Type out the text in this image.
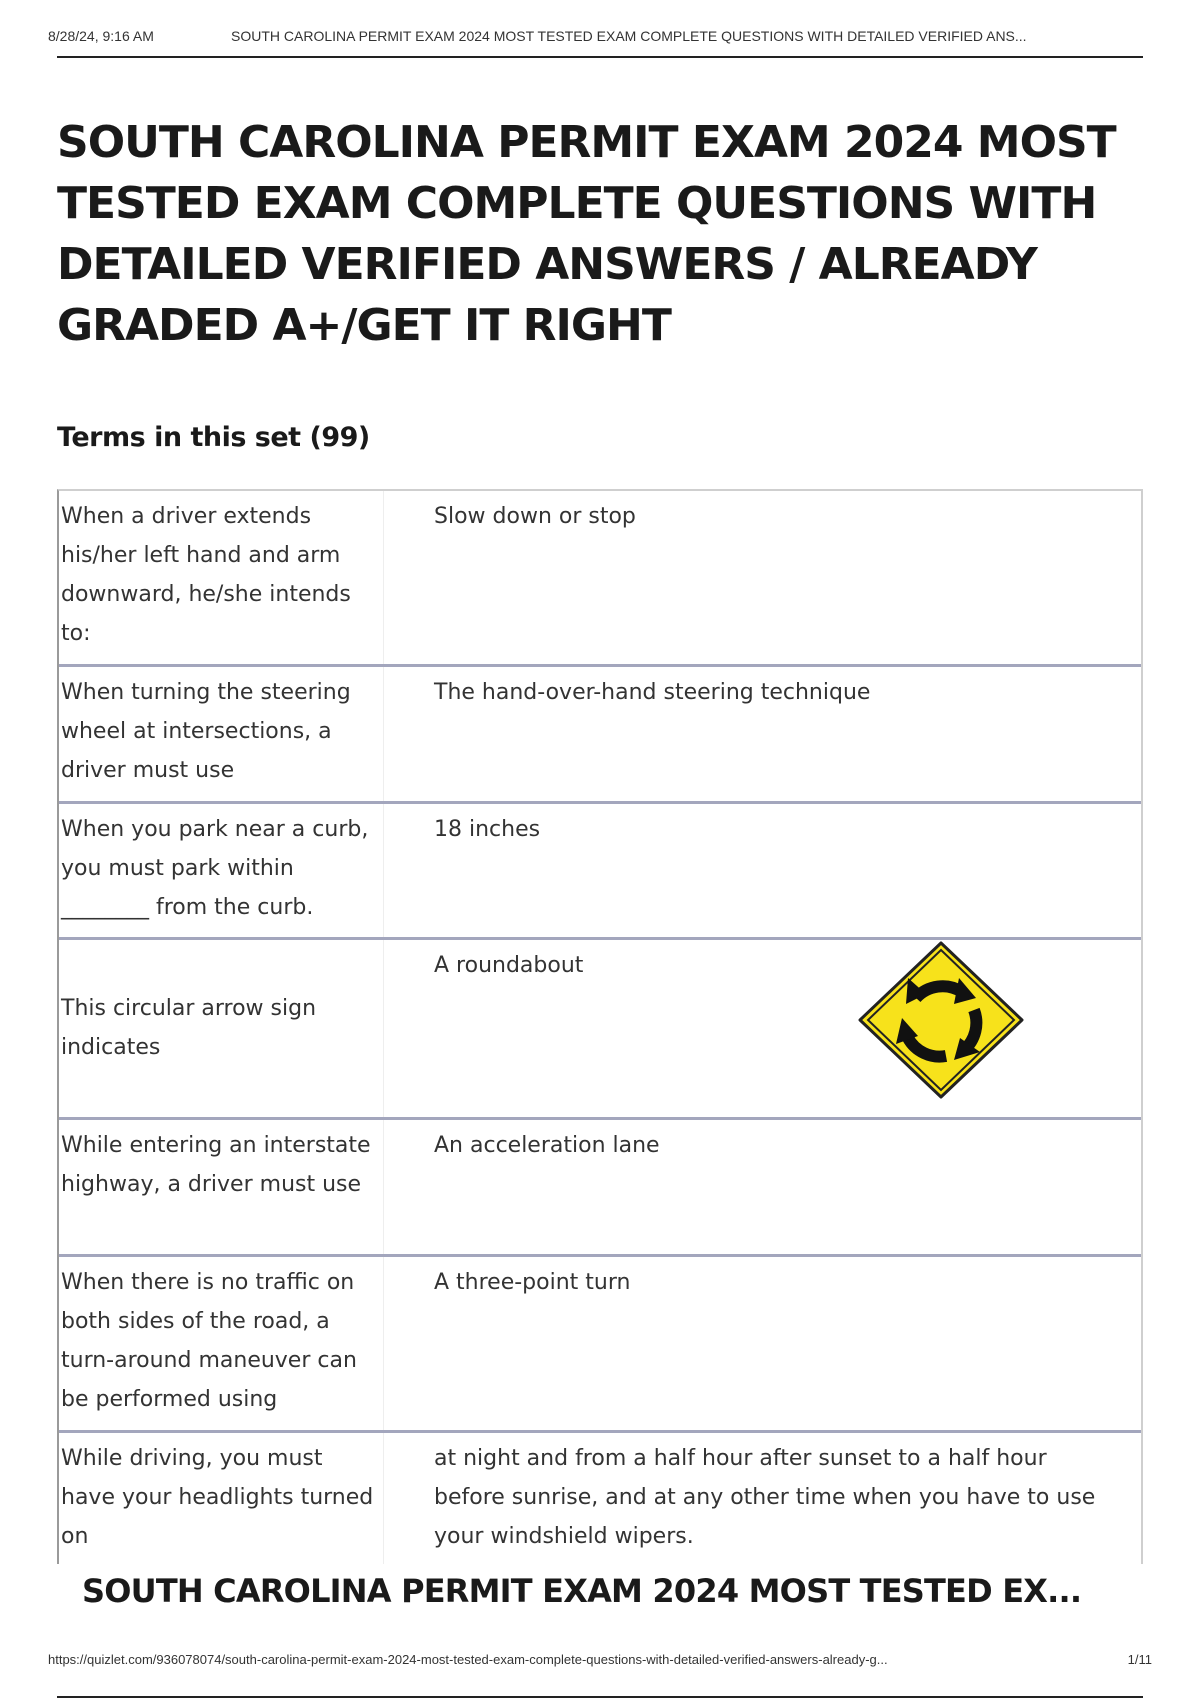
8/28/24, 9:16 AM	SOUTH CAROLINA PERMIT EXAM 2024 MOST TESTED EXAM COMPLETE QUESTIONS WITH DETAILED VERIFIED ANS...
SOUTH CAROLINA PERMIT EXAM 2024 MOST TESTED EXAM COMPLETE QUESTIONS WITH DETAILED VERIFIED ANSWERS / ALREADY GRADED A+/GET IT RIGHT
Terms in this set (99)
When a driver extends his/her left hand and arm downward, he/she intends to:
Slow down or stop
When turning the steering wheel at intersections, a driver must use
The hand-over-hand steering technique
When you park near a curb, you must park within ________ from the curb.
18 inches
This circular arrow sign indicates
A roundabout
While entering an interstate highway, a driver must use
An acceleration lane
When there is no traffic on both sides of the road, a turn-around maneuver can be performed using
A three-point turn
While driving, you must have your headlights turned on
at night and from a half hour after sunset to a half hour before sunrise, and at any other time when you have to use your windshield wipers.
SOUTH CAROLINA PERMIT EXAM 2024 MOST TESTED EX...
https://quizlet.com/936078074/south-carolina-permit-exam-2024-most-tested-exam-complete-questions-with-detailed-verified-answers-already-g...	1/11
